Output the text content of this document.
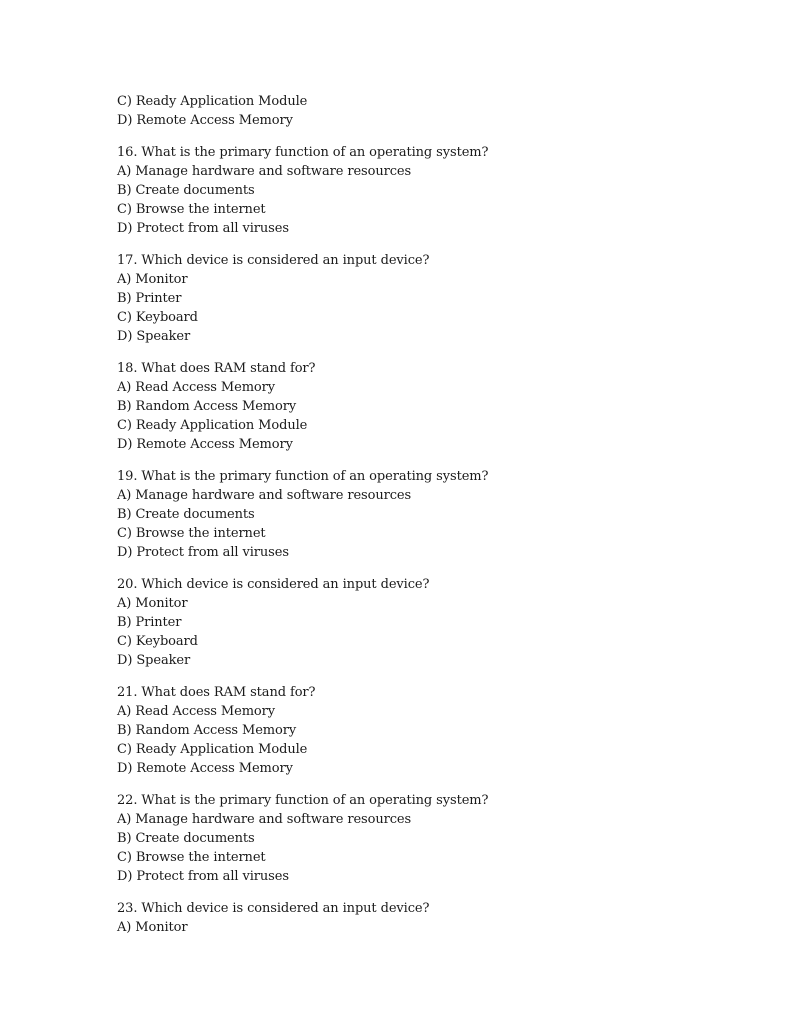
C) Ready Application Module
D) Remote Access Memory
16. What is the primary function of an operating system?
A) Manage hardware and software resources
B) Create documents
C) Browse the internet
D) Protect from all viruses
17. Which device is considered an input device?
A) Monitor
B) Printer
C) Keyboard
D) Speaker
18. What does RAM stand for?
A) Read Access Memory
B) Random Access Memory
C) Ready Application Module
D) Remote Access Memory
19. What is the primary function of an operating system?
A) Manage hardware and software resources
B) Create documents
C) Browse the internet
D) Protect from all viruses
20. Which device is considered an input device?
A) Monitor
B) Printer
C) Keyboard
D) Speaker
21. What does RAM stand for?
A) Read Access Memory
B) Random Access Memory
C) Ready Application Module
D) Remote Access Memory
22. What is the primary function of an operating system?
A) Manage hardware and software resources
B) Create documents
C) Browse the internet
D) Protect from all viruses
23. Which device is considered an input device?
A) Monitor
